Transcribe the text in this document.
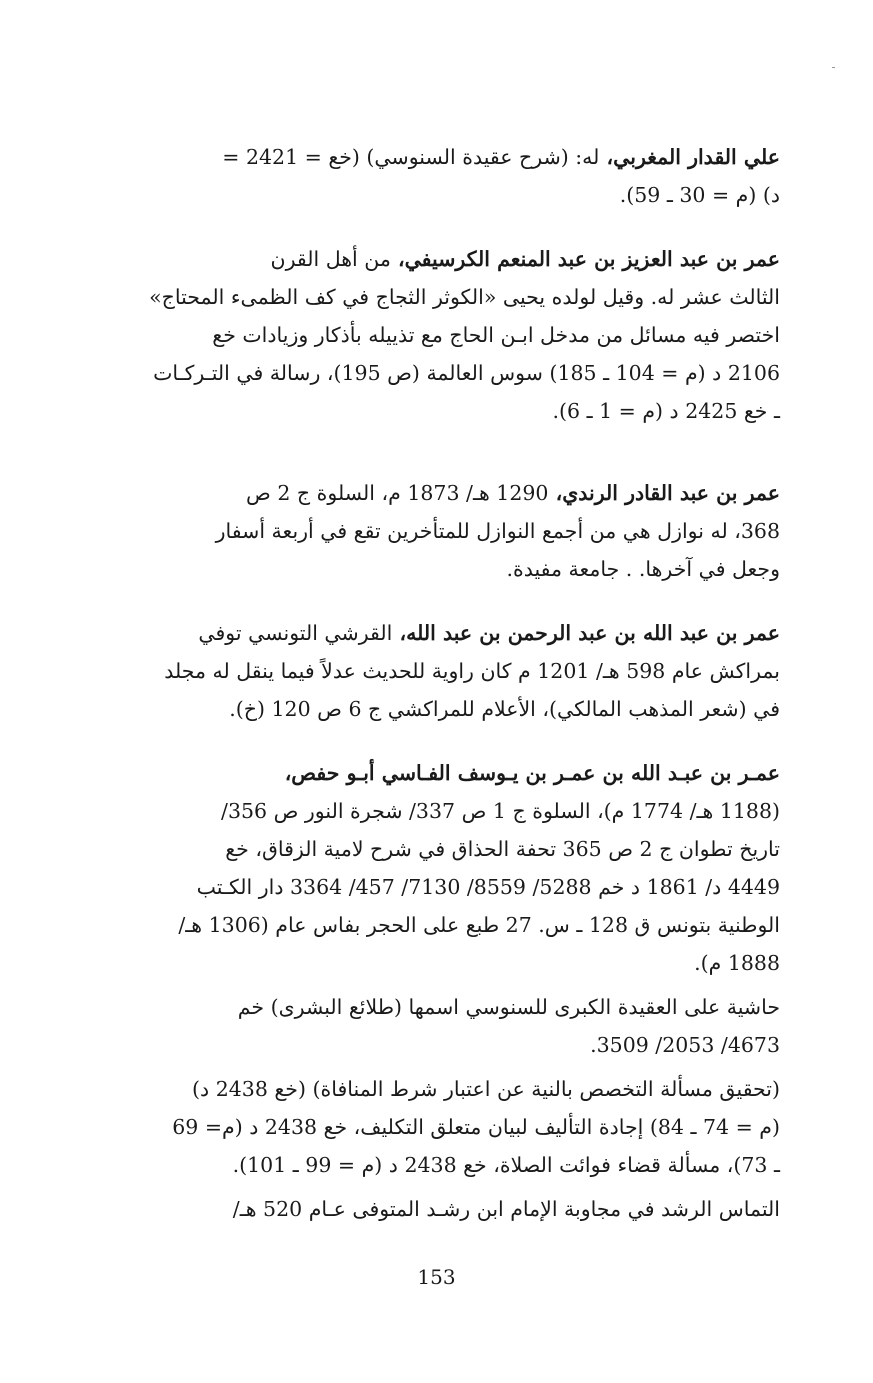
علي القدار المغربي، له: (شرح عقيدة السنوسي) (خع = 2421 =
د) (م = 30 ـ 59).

عمر بن عبد العزيز بن عبد المنعم الكرسيفي، من أهل القرن
الثالث عشر له. وقيل لولده يحيى «الكوثر الثجاج في كف الظمىء المحتاج»
اختصر فيه مسائل من مدخل ابـن الحاج مع تذييله بأذكار وزيادات خع
2106 د (م = 104 ـ 185) سوس العالمة (ص 195)، رسالة في التـركـات
ـ خع 2425 د (م = 1 ـ 6).

عمر بن عبد القادر الرندي، 1290 هـ/ 1873 م، السلوة ج 2 ص
368، له نوازل هي من أجمع النوازل للمتأخرين تقع في أربعة أسفار
وجعل في آخرها. . جامعة مفيدة.

عمر بن عبد الله بن عبد الرحمن بن عبد الله، القرشي التونسي توفي
بمراكش عام 598 هـ/ 1201 م كان راوية للحديث عدلاً فيما ينقل له مجلد
في (شعر المذهب المالكي)، الأعلام للمراكشي ج 6 ص 120 (خ).

عمـر بن عبـد الله بن عمـر بن يـوسف الفـاسي أبـو حفص،
(1188 هـ/ 1774 م)، السلوة ج 1 ص 337/ شجرة النور ص 356/
تاريخ تطوان ج 2 ص 365 تحفة الحذاق في شرح لامية الزقاق، خع
4449 د/ 1861 د خم 5288/ 8559/ 7130/ 457/ 3364 دار الكـتب
الوطنية بتونس ق 128 ـ س. 27 طبع على الحجر بفاس عام (1306 هـ/
1888 م).

حاشية على العقيدة الكبرى للسنوسي اسمها (طلائع البشرى) خم
4673/ 2053/ 3509.

(تحقيق مسألة التخصص بالنية عن اعتبار شرط المنافاة) (خع 2438 د)
(م = 74 ـ 84) إجادة التأليف لبيان متعلق التكليف، خع 2438 د (م= 69
ـ 73)، مسألة قضاء فوائت الصلاة، خع 2438 د (م = 99 ـ 101).

التماس الرشد في مجاوبة الإمام ابن رشـد المتوفى عـام 520 هـ/

153
